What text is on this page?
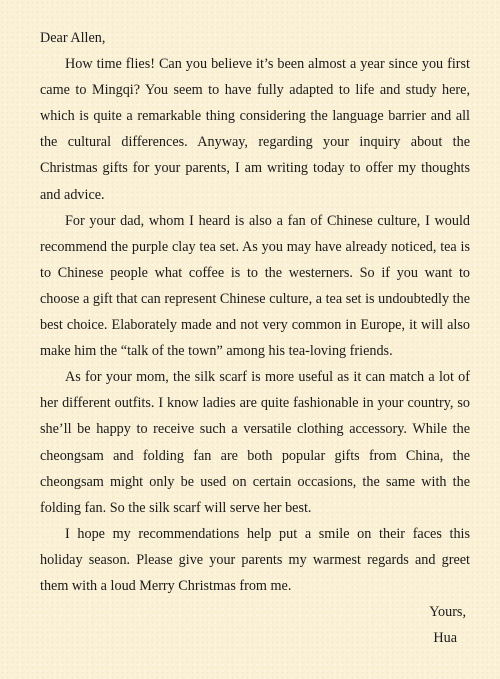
Dear Allen,

How time flies! Can you believe it’s been almost a year since you first came to Mingqi? You seem to have fully adapted to life and study here, which is quite a remarkable thing considering the language barrier and all the cultural differences. Anyway, regarding your inquiry about the Christmas gifts for your parents, I am writing today to offer my thoughts and advice.

For your dad, whom I heard is also a fan of Chinese culture, I would recommend the purple clay tea set. As you may have already noticed, tea is to Chinese people what coffee is to the westerners. So if you want to choose a gift that can represent Chinese culture, a tea set is undoubtedly the best choice. Elaborately made and not very common in Europe, it will also make him the “talk of the town” among his tea-loving friends.

As for your mom, the silk scarf is more useful as it can match a lot of her different outfits. I know ladies are quite fashionable in your country, so she’ll be happy to receive such a versatile clothing accessory. While the cheongsam and folding fan are both popular gifts from China, the cheongsam might only be used on certain occasions, the same with the folding fan. So the silk scarf will serve her best.

I hope my recommendations help put a smile on their faces this holiday season. Please give your parents my warmest regards and greet them with a loud Merry Christmas from me.

Yours,
Hua
